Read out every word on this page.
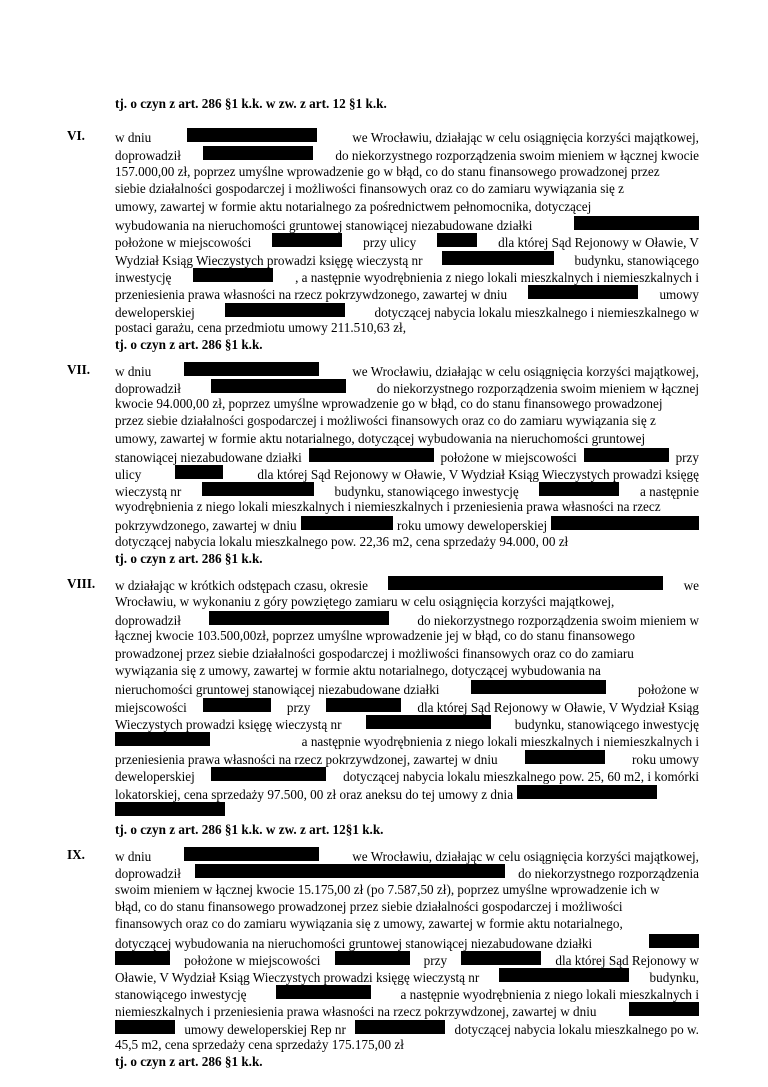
tj. o czyn z art. 286 §1 k.k. w zw. z art. 12 §1 k.k.
VI. w dniu	we Wrocławiu, działając w celu osiągnięcia korzyści majątkowej,
doprowadził	do niekorzystnego rozporządzenia swoim mieniem w łącznej kwocie
157.000,00 zł, poprzez umyślne wprowadzenie go w błąd, co do stanu finansowego prowadzonej przez
siebie działalności gospodarczej i możliwości finansowych oraz co do zamiaru wywiązania się z
umowy, zawartej w formie aktu notarialnego za pośrednictwem pełnomocnika, dotyczącej
wybudowania na nieruchomości gruntowej stanowiącej niezabudowane działki
położone w miejscowości	przy ulicy	dla której Sąd Rejonowy w Oławie, V
Wydział Ksiąg Wieczystych prowadzi księgę wieczystą nr	budynku, stanowiącego
inwestycję	, a następnie wyodrębnienia z niego lokali mieszkalnych i niemieszkalnych i
przeniesienia prawa własności na rzecz pokrzywdzonego, zawartej w dniu	umowy
deweloperskiej	dotyczącej nabycia lokalu mieszkalnego i niemieszkalnego w
postaci garażu, cena przedmiotu umowy 211.510,63 zł,
tj. o czyn z art. 286 §1 k.k.
VII. w dniu	we Wrocławiu, działając w celu osiągnięcia korzyści majątkowej,
doprowadził	do niekorzystnego rozporządzenia swoim mieniem w łącznej
kwocie 94.000,00 zł, poprzez umyślne wprowadzenie go w błąd, co do stanu finansowego prowadzonej
przez siebie działalności gospodarczej i możliwości finansowych oraz co do zamiaru wywiązania się z
umowy, zawartej w formie aktu notarialnego, dotyczącej wybudowania na nieruchomości gruntowej
stanowiącej niezabudowane działki	położone w miejscowości	przy
ulicy	dla której Sąd Rejonowy w Oławie, V Wydział Ksiąg Wieczystych prowadzi księgę
wieczystą nr	budynku, stanowiącego inwestycję	a następnie
wyodrębnienia z niego lokali mieszkalnych i niemieszkalnych i przeniesienia prawa własności na rzecz
pokrzywdzonego, zawartej w dniu	roku umowy deweloperskiej
dotyczącej nabycia lokalu mieszkalnego pow. 22,36 m2, cena sprzedaży 94.000, 00 zł
tj. o czyn z art. 286 §1 k.k.
VIII. w działając w krótkich odstępach czasu, okresie	we
Wrocławiu, w wykonaniu z góry powziętego zamiaru w celu osiągnięcia korzyści majątkowej,
doprowadził	do niekorzystnego rozporządzenia swoim mieniem w
łącznej kwocie 103.500,00zł, poprzez umyślne wprowadzenie jej w błąd, co do stanu finansowego
prowadzonej przez siebie działalności gospodarczej i możliwości finansowych oraz co do zamiaru
wywiązania się z umowy, zawartej w formie aktu notarialnego, dotyczącej wybudowania na
nieruchomości gruntowej stanowiącej niezabudowane działki	położone w
miejscowości	przy	dla której Sąd Rejonowy w Oławie, V Wydział Ksiąg
Wieczystych prowadzi księgę wieczystą nr	budynku, stanowiącego inwestycję
a następnie wyodrębnienia z niego lokali mieszkalnych i niemieszkalnych i
przeniesienia prawa własności na rzecz pokrzywdzonej, zawartej w dniu	roku umowy
deweloperskiej	dotyczącej nabycia lokalu mieszkalnego pow. 25, 60 m2, i komórki
lokatorskiej, cena sprzedaży 97.500, 00 zł oraz aneksu do tej umowy z dnia
tj. o czyn z art. 286 §1 k.k. w zw. z art. 12§1 k.k.
IX. w dniu	we Wrocławiu, działając w celu osiągnięcia korzyści majątkowej,
doprowadził	do niekorzystnego rozporządzenia
swoim mieniem w łącznej kwocie 15.175,00 zł (po 7.587,50 zł), poprzez umyślne wprowadzenie ich w
błąd, co do stanu finansowego prowadzonej przez siebie działalności gospodarczej i możliwości
finansowych oraz co do zamiaru wywiązania się z umowy, zawartej w formie aktu notarialnego,
dotyczącej wybudowania na nieruchomości gruntowej stanowiącej niezabudowane działki
położone w miejscowości	przy	dla której Sąd Rejonowy w
Oławie, V Wydział Ksiąg Wieczystych prowadzi księgę wieczystą nr	budynku,
stanowiącego inwestycję	a następnie wyodrębnienia z niego lokali mieszkalnych i
niemieszkalnych i przeniesienia prawa własności na rzecz pokrzywdzonej, zawartej w dniu
umowy deweloperskiej Rep nr	dotyczącej nabycia lokalu mieszkalnego po w.
45,5 m2, cena sprzedaży cena sprzedaży 175.175,00 zł
tj. o czyn z art. 286 §1 k.k.
